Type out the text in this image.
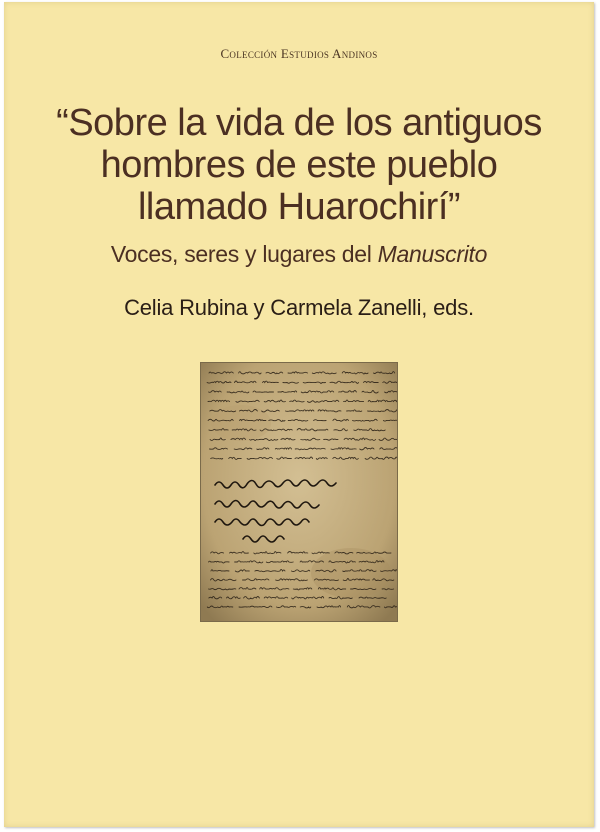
Colección Estudios Andinos
“Sobre la vida de los antiguos
hombres de este pueblo
llamado Huarochirí”
Voces, seres y lugares del Manuscrito
Celia Rubina y Carmela Zanelli, eds.
